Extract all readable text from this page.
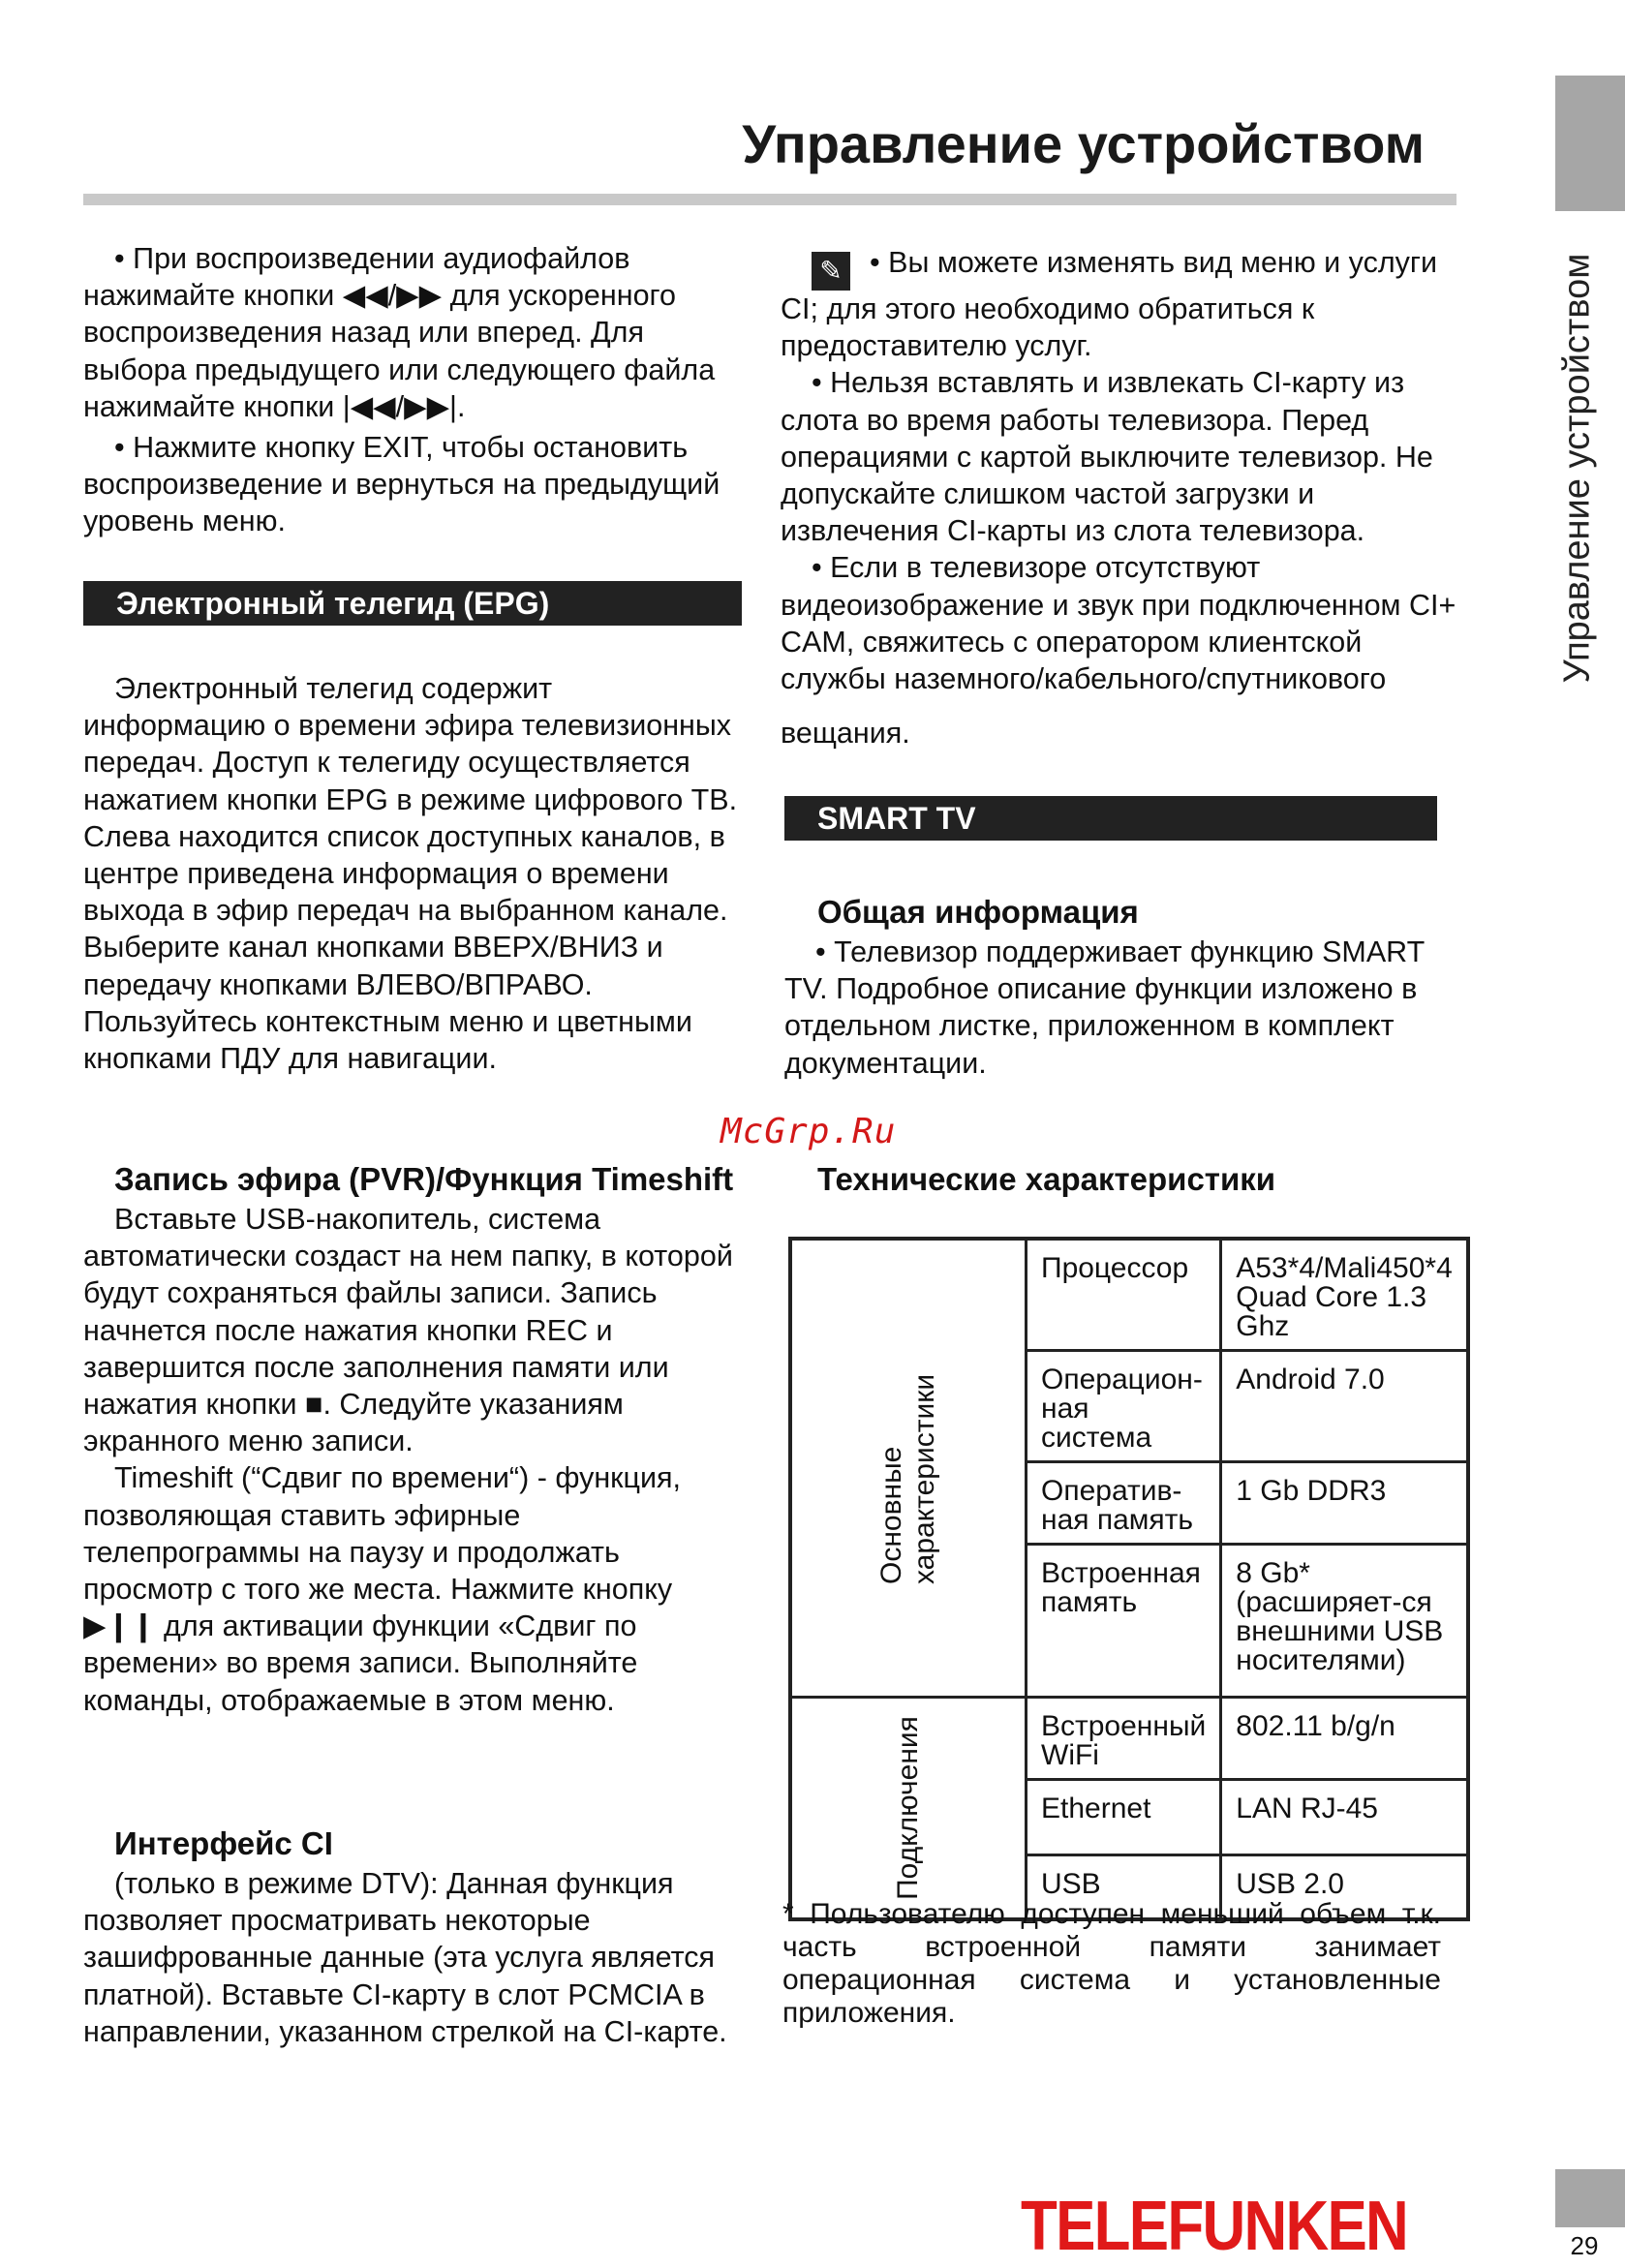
Управление устройством
Управление устройством

• При воспроизведении аудиофайлов нажимайте кнопки ◀◀/▶▶ для ускоренного воспроизведения назад или вперед. Для выбора предыдущего или следующего файла нажимайте кнопки |◀◀/▶▶|.

• Нажмите кнопку EXIT, чтобы остановить воспроизведение и вернуться на предыдущий уровень меню.

Электронный телегид (EPG)

Электронный телегид содержит информацию о времени эфира телевизионных передач. Доступ к телегиду осуществляется нажатием кнопки EPG в режиме цифрового ТВ. Слева находится список доступных каналов, в центре приведена информация о времени выхода в эфир передач на выбранном канале. Выберите канал кнопками ВВЕРХ/ВНИЗ и передачу кнопками ВЛЕВО/ВПРАВО. Пользуйтесь контекстным меню и цветными кнопками ПДУ для навигации.

Запись эфира (PVR)/Функция Timeshift

Вставьте USB-накопитель, система автоматически создаст на нем папку, в которой будут сохраняться файлы записи. Запись начнется после нажатия кнопки REC и завершится после заполнения памяти или нажатия кнопки ■. Следуйте указаниям экранного меню записи.

Timeshift (“Сдвиг по времени“) - функция, позволяющая ставить эфирные телепрограммы на паузу и продолжать просмотр с того же места. Нажмите кнопку ▶❙❙ для активации функции «Сдвиг по времени» во время записи. Выполняйте команды, отображаемые в этом меню.

Интерфейс CI

(только в режиме DTV): Данная функция позволяет просматривать некоторые зашифрованные данные (эта услуга является платной). Вставьте CI-карту в слот PCMCIA в направлении, указанном стрелкой на CI-карте.

✎ • Вы можете изменять вид меню и услуги CI; для этого необходимо обратиться к предоставителю услуг.

• Нельзя вставлять и извлекать CI-карту из слота во время работы телевизора. Перед операциями с картой выключите телевизор. Не допускайте слишком частой загрузки и извлечения CI-карты из слота телевизора.

• Если в телевизоре отсутствуют видеоизображение и звук при подключенном CI+ CAM, свяжитесь с оператором клиентской службы наземного/кабельного/спутникового

вещания.

SMART TV

Общая информация

• Телевизор поддерживает функцию SMART TV. Подробное описание функции изложено в отдельном листке, приложенном в комплект документации.

McGrp.Ru
Технические характеристики
Основные характеристики	Процессор	A53*4/Mali450*4 Quad Core 1.3 Ghz
	Операцион-ная система	Android 7.0
	Оператив-ная память	1 Gb DDR3
	Встроенная память	8 Gb* (расширяет-ся внешними USB носителями)
Подключения	Встроенный WiFi	802.11 b/g/n
	Ethernet	LAN RJ-45
	USB	USB 2.0
* Пользователю доступен меньший объем т.к. часть встроенной памяти занимает операционная система и установленные приложения.
TELEFUNKEN	29
